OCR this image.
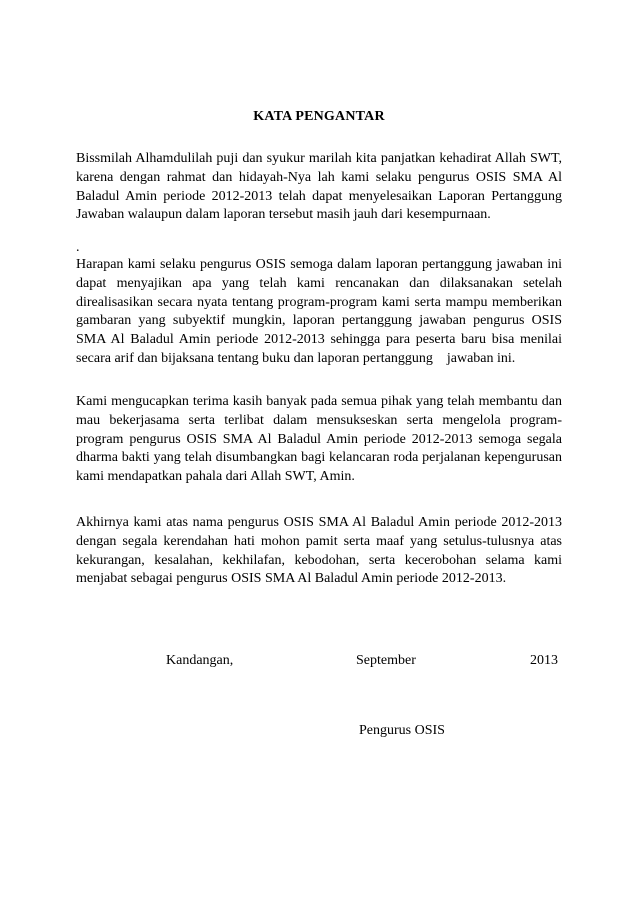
KATA PENGANTAR

Bissmilah Alhamdulilah puji dan syukur marilah kita panjatkan kehadirat Allah SWT, karena dengan rahmat dan hidayah-Nya lah kami selaku pengurus OSIS SMA Al Baladul Amin periode 2012-2013 telah dapat menyelesaikan Laporan Pertanggung Jawaban walaupun dalam laporan tersebut masih jauh dari kesempurnaan.

.

Harapan kami selaku pengurus OSIS semoga dalam laporan pertanggung jawaban ini dapat menyajikan apa yang telah kami rencanakan dan dilaksanakan setelah direalisasikan secara nyata tentang program-program kami serta mampu memberikan gambaran yang subyektif mungkin, laporan pertanggung jawaban pengurus OSIS SMA Al Baladul Amin periode 2012-2013 sehingga para peserta baru bisa menilai secara arif dan bijaksana tentang buku dan laporan pertanggung    jawaban ini.

Kami mengucapkan terima kasih banyak pada semua pihak yang telah membantu dan mau bekerjasama serta terlibat dalam mensukseskan serta mengelola program-program pengurus OSIS SMA Al Baladul Amin periode 2012-2013 semoga segala dharma bakti yang telah disumbangkan bagi kelancaran roda perjalanan kepengurusan kami mendapatkan pahala dari Allah SWT, Amin.

Akhirnya kami atas nama pengurus OSIS SMA Al Baladul Amin periode 2012-2013 dengan segala kerendahan hati mohon pamit serta maaf yang setulus-tulusnya atas kekurangan, kesalahan, kekhilafan, kebodohan, serta kecerobohan selama kami menjabat sebagai pengurus OSIS SMA Al Baladul Amin periode 2012-2013.

Kandangan,	September	2013
Pengurus OSIS
